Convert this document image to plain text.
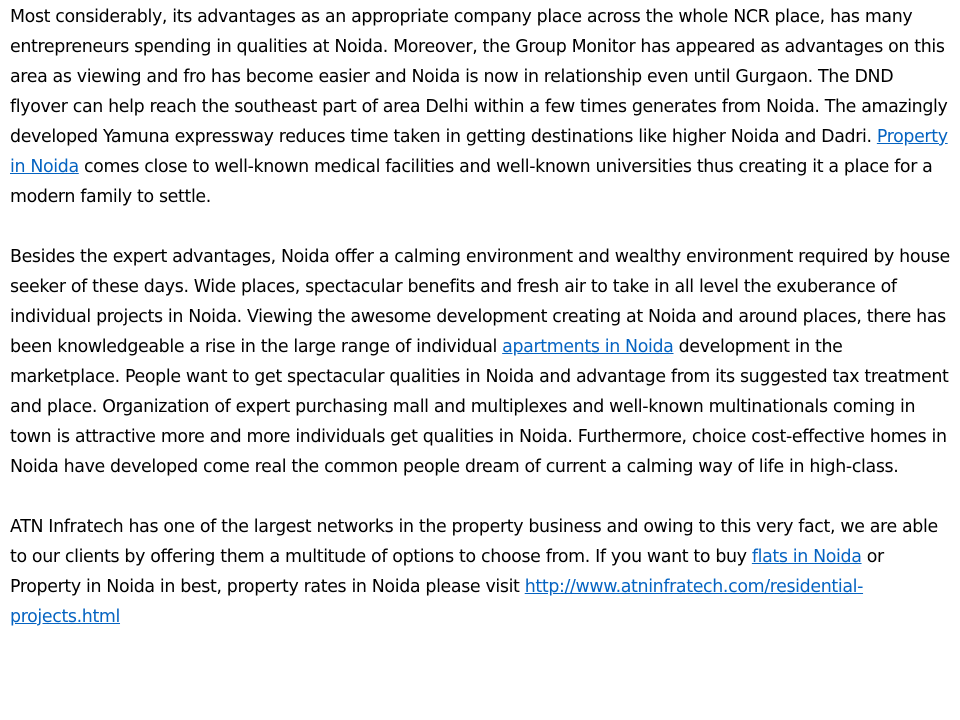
Most considerably, its advantages as an appropriate company place across the whole NCR place, has many entrepreneurs spending in qualities at Noida. Moreover, the Group Monitor has appeared as advantages on this area as viewing and fro has become easier and Noida is now in relationship even until Gurgaon. The DND flyover can help reach the southeast part of area Delhi within a few times generates from Noida. The amazingly developed Yamuna expressway reduces time taken in getting destinations like higher Noida and Dadri. Property in Noida comes close to well-known medical facilities and well-known universities thus creating it a place for a modern family to settle.

Besides the expert advantages, Noida offer a calming environment and wealthy environment required by house seeker of these days. Wide places, spectacular benefits and fresh air to take in all level the exuberance of individual projects in Noida. Viewing the awesome development creating at Noida and around places, there has been knowledgeable a rise in the large range of individual apartments in Noida development in the marketplace. People want to get spectacular qualities in Noida and advantage from its suggested tax treatment and place. Organization of expert purchasing mall and multiplexes and well-known multinationals coming in town is attractive more and more individuals get qualities in Noida. Furthermore, choice cost-effective homes in Noida have developed come real the common people dream of current a calming way of life in high-class.

ATN Infratech has one of the largest networks in the property business and owing to this very fact, we are able to our clients by offering them a multitude of options to choose from. If you want to buy flats in Noida or Property in Noida in best, property rates in Noida please visit http://www.atninfratech.com/residential-projects.html
